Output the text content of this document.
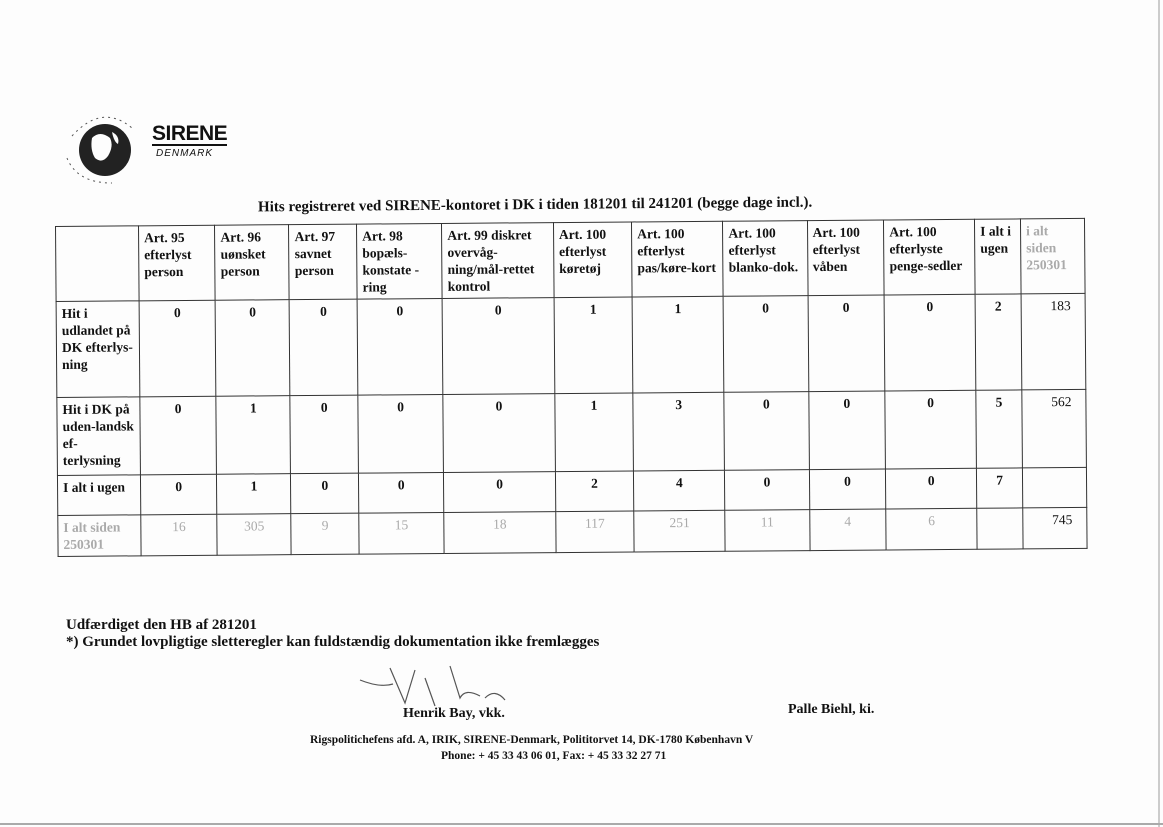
SIRENE
DENMARK
Hits registreret ved SIRENE-kontoret i DK i tiden 181201 til 241201 (begge dage incl.).
	Art. 95 efterlyst person	Art. 96 uønsket person	Art. 97 savnet person	Art. 98 bopæls-konstate -ring	Art. 99 diskret overvåg-ning/mål-rettet kontrol	Art. 100 efterlyst køretøj	Art. 100 efterlyst pas/køre-kort	Art. 100 efterlyst blanko-dok.	Art. 100 efterlyst våben	Art. 100 efterlyste penge-sedler	I alt i ugen	i alt siden 250301
Hit i udlandet på DK efterlys-ning	0	0	0	0	0	1	1	0	0	0	2	183
Hit i DK på uden-landsk ef-terlysning	0	1	0	0	0	1	3	0	0	0	5	562
I alt i ugen	0	1	0	0	0	2	4	0	0	0	7	
I alt siden 250301	16	305	9	15	18	117	251	11	4	6		745
Udfærdiget den HB af 281201
*) Grundet lovpligtige sletteregler kan fuldstændig dokumentation ikke fremlægges
Henrik Bay, vkk.	Palle Biehl, ki.
Rigspolitichefens afd. A, IRIK, SIRENE-Denmark, Polititorvet 14, DK-1780 København V
Phone: + 45 33 43 06 01, Fax: + 45 33 32 27 71
